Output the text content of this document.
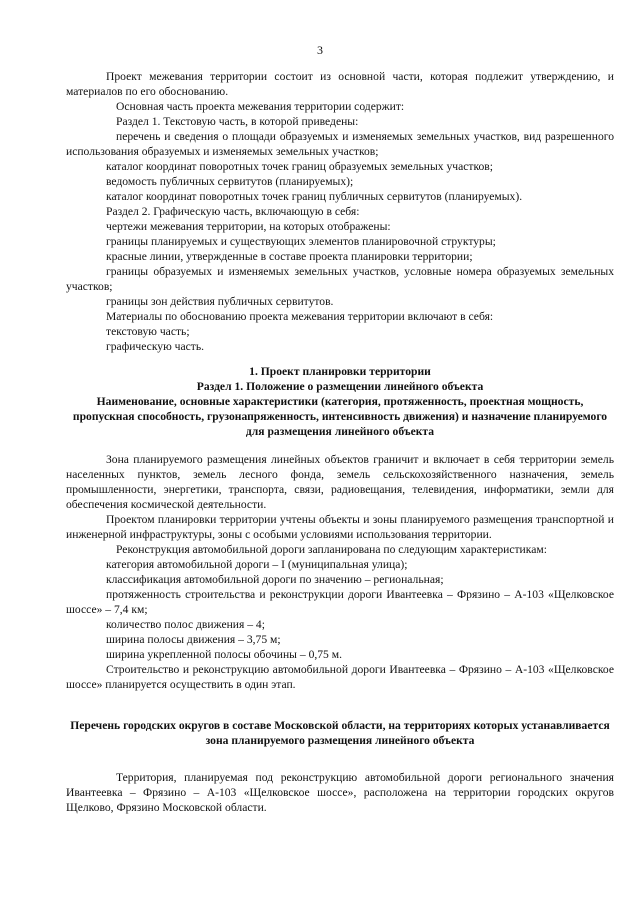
3

Проект межевания территории состоит из основной части, которая подлежит утверждению, и материалов по его обоснованию.

Основная часть проекта межевания территории содержит:

Раздел 1. Текстовую часть, в которой приведены:

перечень и сведения о площади образуемых и изменяемых земельных участков, вид разрешенного использования образуемых и изменяемых земельных участков;

каталог координат поворотных точек границ образуемых земельных участков;

ведомость публичных сервитутов (планируемых);

каталог координат поворотных точек границ публичных сервитутов (планируемых).

Раздел 2. Графическую часть, включающую в себя:

чертежи межевания территории, на которых отображены:

границы планируемых и существующих элементов планировочной структуры;

красные линии, утвержденные в составе проекта планировки территории;

границы образуемых и изменяемых земельных участков, условные номера образуемых земельных участков;

границы зон действия публичных сервитутов.

Материалы по обоснованию проекта межевания территории включают в себя:

текстовую часть;

графическую часть.

1. Проект планировки территории

Раздел 1. Положение о размещении линейного объекта

Наименование, основные характеристики (категория, протяженность, проектная мощность, пропускная способность, грузонапряженность, интенсивность движения) и назначение планируемого для размещения линейного объекта

Зона планируемого размещения линейных объектов граничит и включает в себя территории земель населенных пунктов, земель лесного фонда, земель сельскохозяйственного назначения, земель промышленности, энергетики, транспорта, связи, радиовещания, телевидения, информатики, земли для обеспечения космической деятельности.

Проектом планировки территории учтены объекты и зоны планируемого размещения транспортной и инженерной инфраструктуры, зоны с особыми условиями использования территории.

Реконструкция автомобильной дороги запланирована по следующим характеристикам:

категория автомобильной дороги – I (муниципальная улица);

классификация автомобильной дороги по значению – региональная;

протяженность строительства и реконструкции дороги Ивантеевка – Фрязино – А-103 «Щелковское шоссе» – 7,4 км;

количество полос движения – 4;

ширина полосы движения – 3,75 м;

ширина укрепленной полосы обочины – 0,75 м.

Строительство и реконструкцию автомобильной дороги Ивантеевка – Фрязино – А-103 «Щелковское шоссе» планируется осуществить в один этап.

Перечень городских округов в составе Московской области, на территориях которых устанавливается зона планируемого размещения линейного объекта

Территория, планируемая под реконструкцию автомобильной дороги регионального значения Ивантеевка – Фрязино – А-103 «Щелковское шоссе», расположена на территории городских округов Щелково, Фрязино Московской области.
